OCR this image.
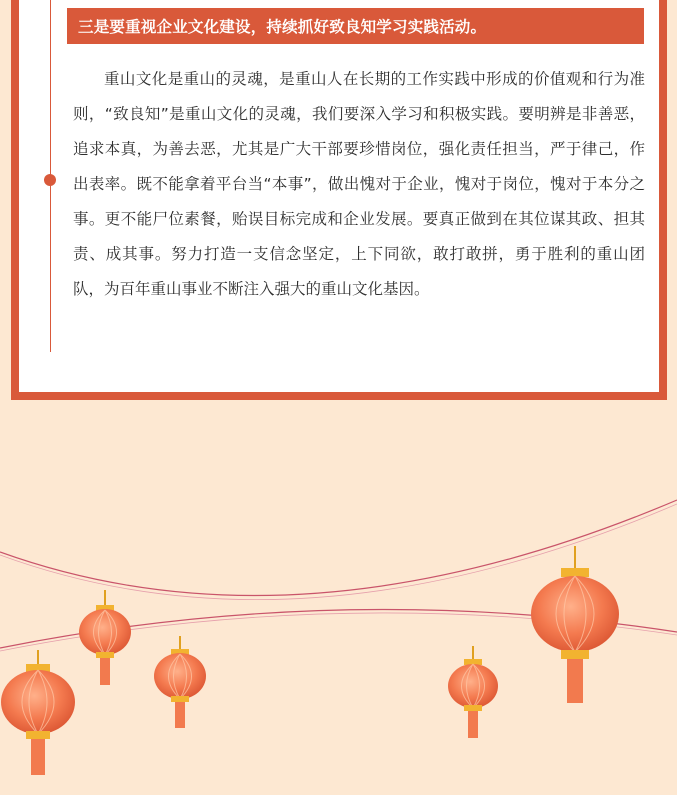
三是要重视企业文化建设，持续抓好致良知学习实践活动。

重山文化是重山的灵魂，是重山人在长期的工作实践中形成的价值观和行为准则，“致良知”是重山文化的灵魂，我们要深入学习和积极实践。要明辨是非善恶，追求本真，为善去恶，尤其是广大干部要珍惜岗位，强化责任担当，严于律己，作出表率。既不能拿着平台当“本事”，做出愧对于企业，愧对于岗位，愧对于本分之事。更不能尸位素餐，贻误目标完成和企业发展。要真正做到在其位谋其政、担其责、成其事。努力打造一支信念坚定，上下同欲，敢打敢拼，勇于胜利的重山团队，为百年重山事业不断注入强大的重山文化基因。
